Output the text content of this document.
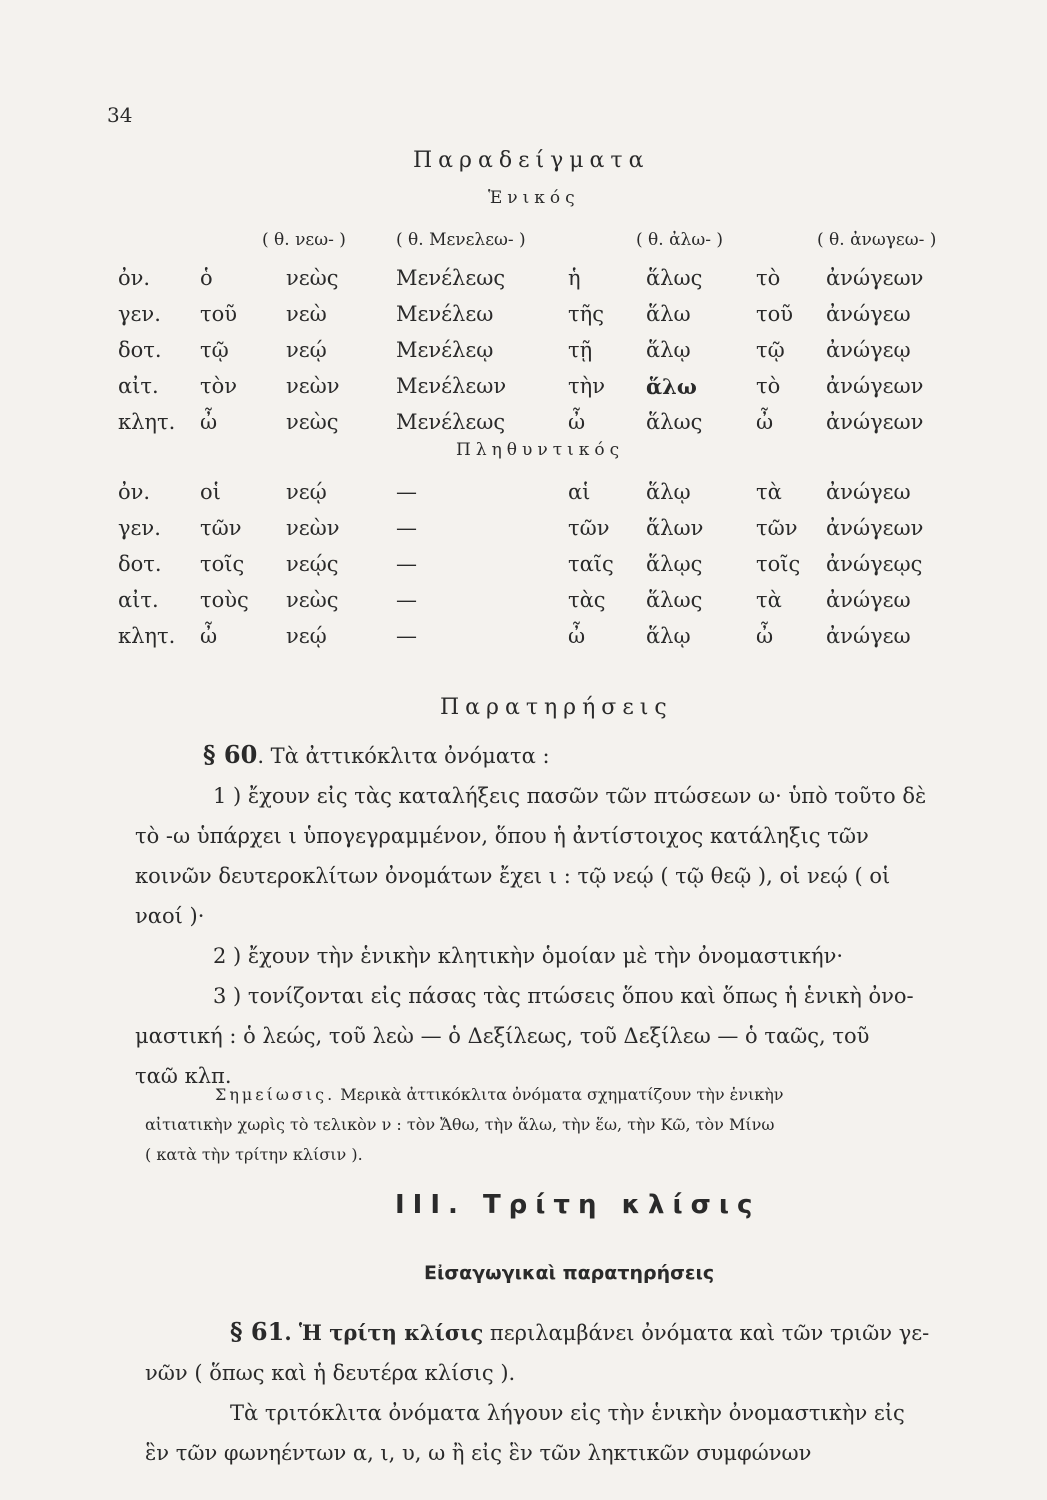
34
Παραδείγματα
Ἑνικός
( θ. νεω- )	( θ. Μενελεω- )	( θ. ἀλω- )	( θ. ἀνωγεω- )
ὀν.	ὁ	νεὼς	Μενέλεως	ἡ	ἅλως	τὸ	ἀνώγεων
γεν.	τοῦ	νεὼ	Μενέλεω	τῆς	ἅλω	τοῦ	ἀνώγεω
δοτ.	τῷ	νεῴ	Μενέλεῳ	τῇ	ἅλῳ	τῷ	ἀνώγεῳ
αἰτ.	τὸν	νεὼν	Μενέλεων	τὴν	ἅλω	τὸ	ἀνώγεων
κλητ.	ὦ	νεὼς	Μενέλεως	ὦ	ἅλως	ὦ	ἀνώγεων
Πληθυντικός
ὀν.	οἱ	νεῴ	—	αἱ	ἅλῳ	τὰ	ἀνώγεω
γεν.	τῶν	νεὼν	—	τῶν	ἅλων	τῶν	ἀνώγεων
δοτ.	τοῖς	νεῴς	—	ταῖς	ἅλῳς	τοῖς	ἀνώγεῳς
αἰτ.	τοὺς	νεὼς	—	τὰς	ἅλως	τὰ	ἀνώγεω
κλητ.	ὦ	νεῴ	—	ὦ	ἅλῳ	ὦ	ἀνώγεω
Παρατηρήσεις
§ 60. Τὰ ἀττικόκλιτα ὀνόματα :
1 ) ἔχουν εἰς τὰς καταλήξεις πασῶν τῶν πτώσεων ω· ὑπὸ τοῦτο δὲ
τὸ -ω ὑπάρχει ι ὑπογεγραμμένον, ὅπου ἡ ἀντίστοιχος κατάληξις τῶν
κοινῶν δευτεροκλίτων ὀνομάτων ἔχει ι : τῷ νεῴ ( τῷ θεῷ ), οἱ νεῴ ( οἱ
ναοί )·
2 ) ἔχουν τὴν ἑνικὴν κλητικὴν ὁμοίαν μὲ τὴν ὀνομαστικήν·
3 ) τονίζονται εἰς πάσας τὰς πτώσεις ὅπου καὶ ὅπως ἡ ἑνικὴ ὀνο-
μαστική : ὁ λεώς, τοῦ λεὼ — ὁ Δεξίλεως, τοῦ Δεξίλεω — ὁ ταῶς, τοῦ
ταῶ κλπ.
Σημείωσις. Μερικὰ ἀττικόκλιτα ὀνόματα σχηματίζουν τὴν ἑνικὴν
αἰτιατικὴν χωρὶς τὸ τελικὸν ν : τὸν Ἄθω, τὴν ἅλω, τὴν ἕω, τὴν Κῶ, τὸν Μίνω
( κατὰ τὴν τρίτην κλίσιν ).
III. Τρίτη κλίσις
Εἰσαγωγικαὶ παρατηρήσεις
§ 61. Ἡ τρίτη κλίσις περιλαμβάνει ὀνόματα καὶ τῶν τριῶν γε-
νῶν ( ὅπως καὶ ἡ δευτέρα κλίσις ).
Τὰ τριτόκλιτα ὀνόματα λήγουν εἰς τὴν ἑνικὴν ὀνομαστικὴν εἰς
ἓν τῶν φωνηέντων α, ι, υ, ω ἢ εἰς ἓν τῶν ληκτικῶν συμφώνων
